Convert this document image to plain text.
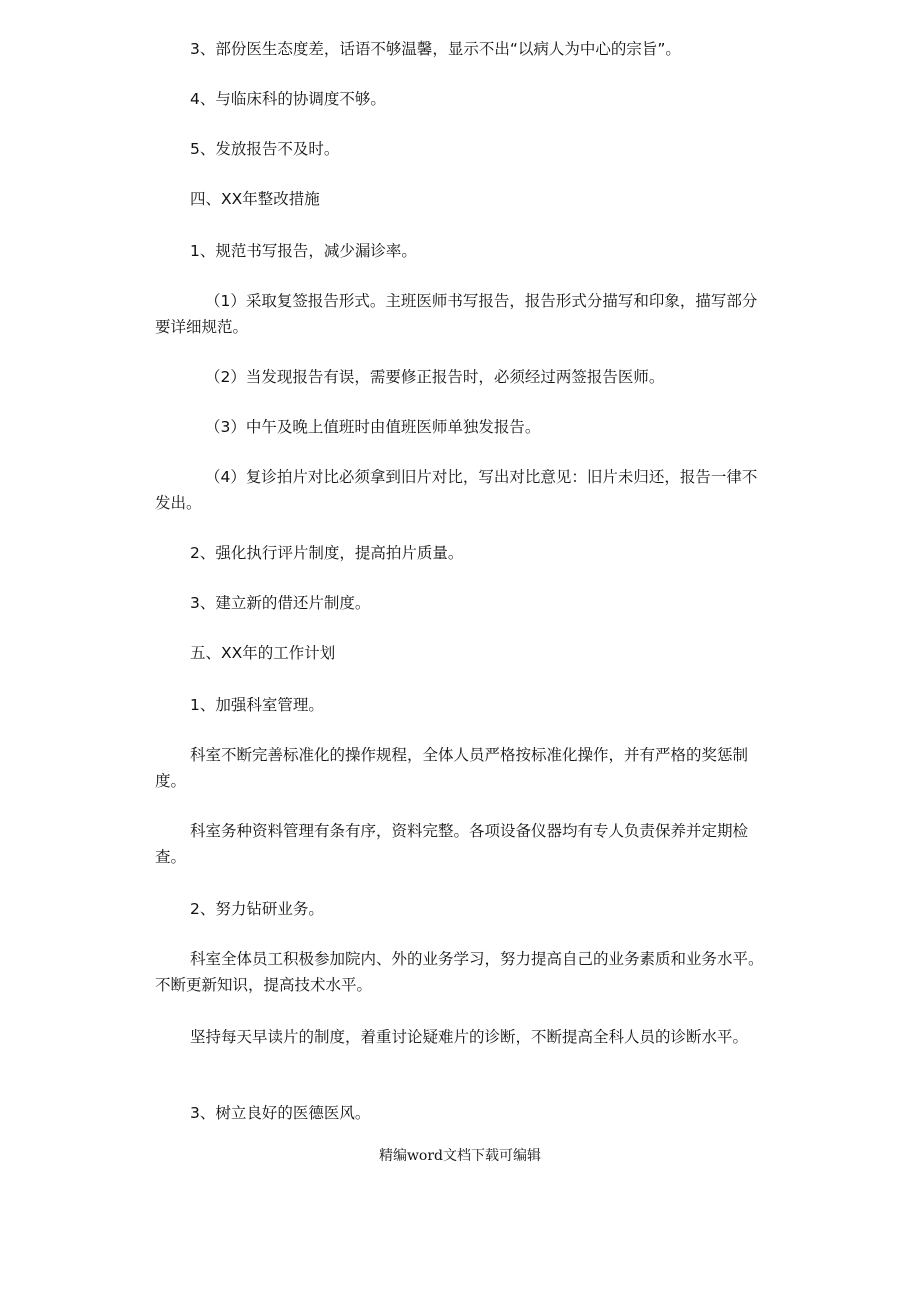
3、部份医生态度差，话语不够温馨，显示不出“以病人为中心的宗旨”。
4、与临床科的协调度不够。
5、发放报告不及时。
四、XX年整改措施
1、规范书写报告，减少漏诊率。
（1）采取复签报告形式。主班医师书写报告，报告形式分描写和印象，描写部分要详细规范。
（2）当发现报告有误，需要修正报告时，必须经过两签报告医师。
（3）中午及晚上值班时由值班医师单独发报告。
（4）复诊拍片对比必须拿到旧片对比，写出对比意见：旧片未归还，报告一律不发出。
2、强化执行评片制度，提高拍片质量。
3、建立新的借还片制度。
五、XX年的工作计划
1、加强科室管理。
科室不断完善标准化的操作规程，全体人员严格按标准化操作，并有严格的奖惩制度。
科室务种资料管理有条有序，资料完整。各项设备仪器均有专人负责保养并定期检查。
2、努力钻研业务。
科室全体员工积极参加院内、外的业务学习，努力提高自己的业务素质和业务水平。不断更新知识，提高技术水平。
坚持每天早读片的制度，着重讨论疑难片的诊断，不断提高全科人员的诊断水平。
3、树立良好的医德医风。
精编word文档下载可编辑
